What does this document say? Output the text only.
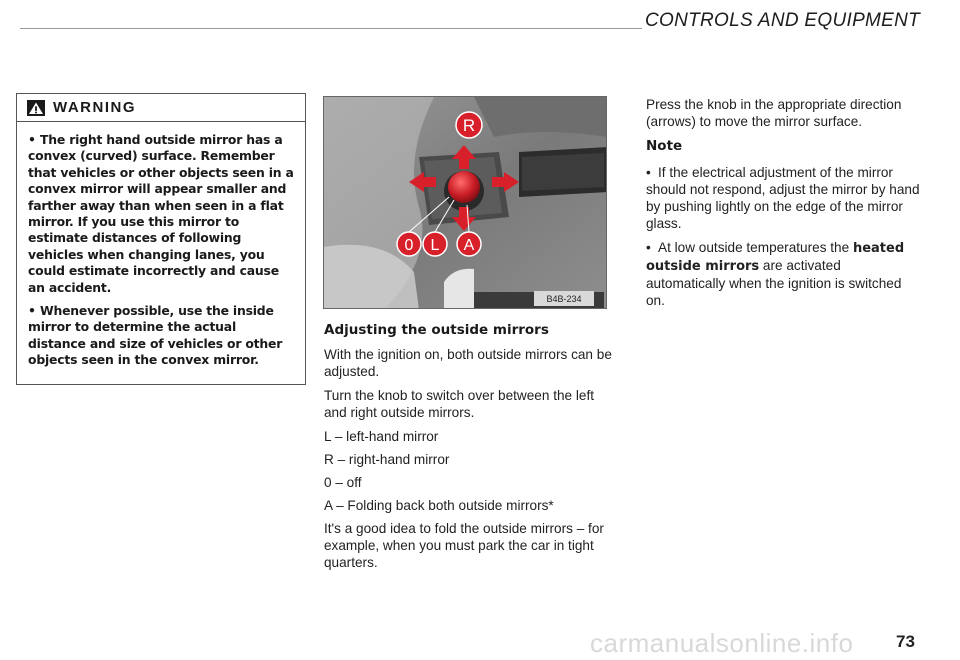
CONTROLS AND EQUIPMENT
WARNING

• The right hand outside mirror has a convex (curved) surface. Remember that vehicles or other objects seen in a convex mirror will appear smaller and farther away than when seen in a flat mirror. If you use this mirror to estimate distances of following vehicles when changing lanes, you could estimate incorrectly and cause an accident.

• Whenever possible, use the inside mirror to determine the actual distance and size of vehicles or other objects seen in the convex mirror.

B4B-234
R
0 L A
Adjusting the outside mirrors

With the ignition on, both outside mirrors can be adjusted.

Turn the knob to switch over between the left and right outside mirrors.

L – left-hand mirror

R – right-hand mirror

0 – off

A – Folding back both outside mirrors*

It's a good idea to fold the outside mirrors – for example, when you must park the car in tight quarters.

Press the knob in the appropriate direction (arrows) to move the mirror surface.

Note

• If the electrical adjustment of the mirror should not respond, adjust the mirror by hand by pushing lightly on the edge of the mirror glass.

• At low outside temperatures the heated outside mirrors are activated automatically when the ignition is switched on.

carmanualsonline.info	73
